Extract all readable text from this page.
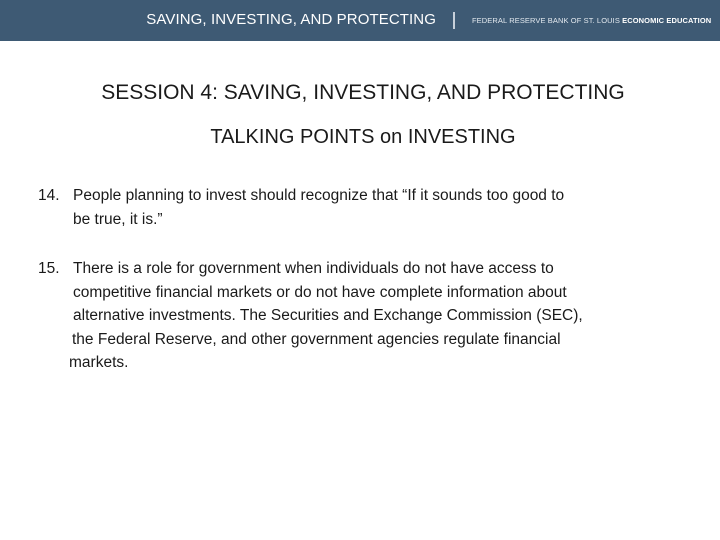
SAVING, INVESTING, AND PROTECTING	FEDERAL RESERVE BANK OF ST. LOUIS ECONOMIC EDUCATION
SESSION 4: SAVING, INVESTING, AND PROTECTING
TALKING POINTS on INVESTING
14. People planning to invest should recognize that “If it sounds too good to
be true, it is.”
15. There is a role for government when individuals do not have access to
competitive financial markets or do not have complete information about
alternative investments. The Securities and Exchange Commission (SEC),
the Federal Reserve, and other government agencies regulate financial
markets.
